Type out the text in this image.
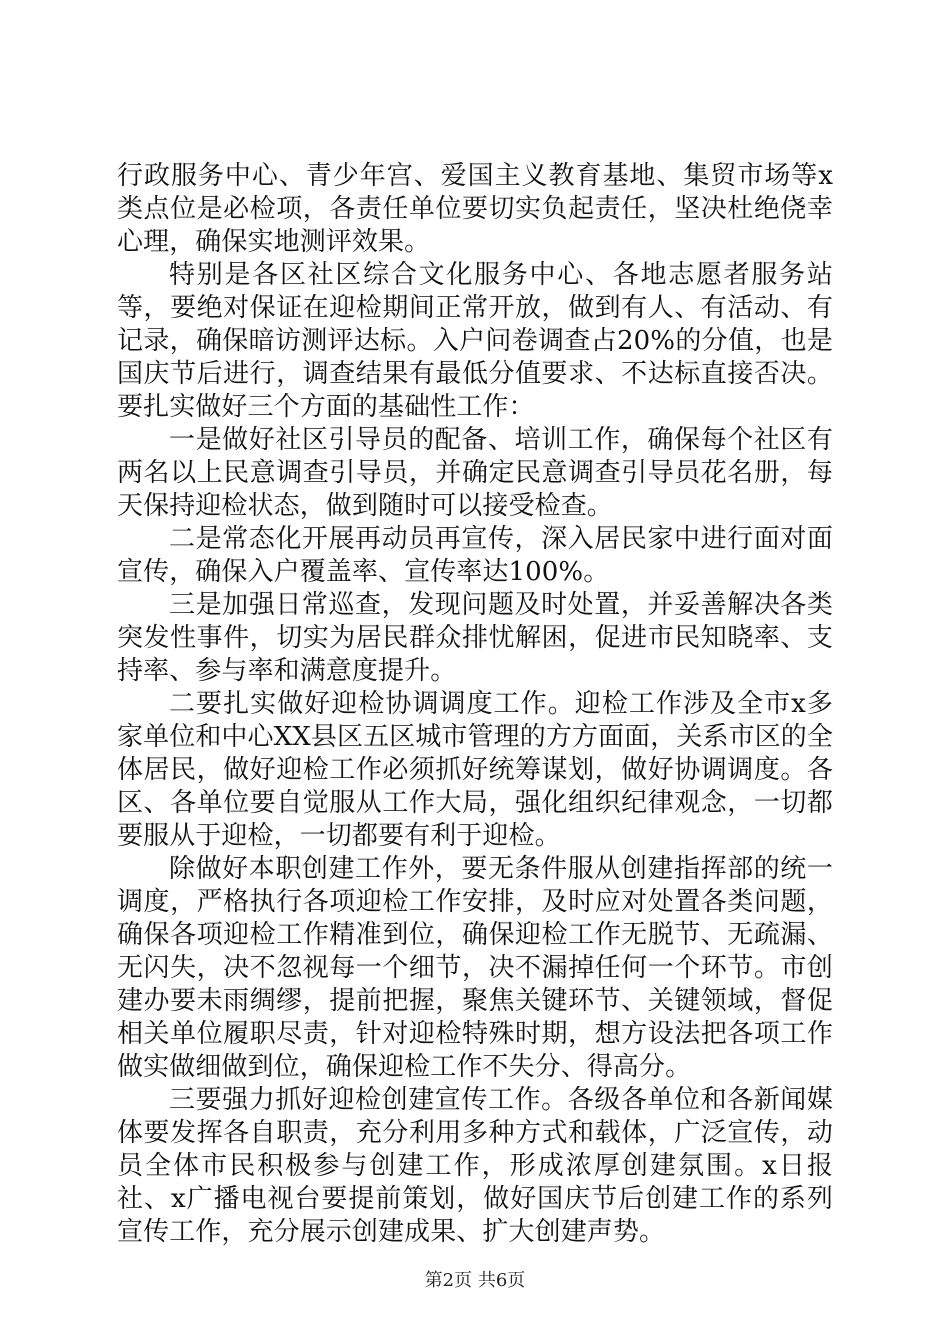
行政服务中心、青少年宫、爱国主义教育基地、集贸市场等x类点位是必检项，各责任单位要切实负起责任，坚决杜绝侥幸心理，确保实地测评效果。

特别是各区社区综合文化服务中心、各地志愿者服务站等，要绝对保证在迎检期间正常开放，做到有人、有活动、有记录，确保暗访测评达标。入户问卷调查占20%的分值，也是国庆节后进行，调查结果有最低分值要求、不达标直接否决。要扎实做好三个方面的基础性工作：

一是做好社区引导员的配备、培训工作，确保每个社区有两名以上民意调查引导员，并确定民意调查引导员花名册，每天保持迎检状态，做到随时可以接受检查。

二是常态化开展再动员再宣传，深入居民家中进行面对面宣传，确保入户覆盖率、宣传率达100%。

三是加强日常巡查，发现问题及时处置，并妥善解决各类突发性事件，切实为居民群众排忧解困，促进市民知晓率、支持率、参与率和满意度提升。

二要扎实做好迎检协调调度工作。迎检工作涉及全市x多家单位和中心XX县区五区城市管理的方方面面，关系市区的全体居民，做好迎检工作必须抓好统筹谋划，做好协调调度。各区、各单位要自觉服从工作大局，强化组织纪律观念，一切都要服从于迎检，一切都要有利于迎检。

除做好本职创建工作外，要无条件服从创建指挥部的统一调度，严格执行各项迎检工作安排，及时应对处置各类问题，确保各项迎检工作精准到位，确保迎检工作无脱节、无疏漏、无闪失，决不忽视每一个细节，决不漏掉任何一个环节。市创建办要未雨绸缪，提前把握，聚焦关键环节、关键领域，督促相关单位履职尽责，针对迎检特殊时期，想方设法把各项工作做实做细做到位，确保迎检工作不失分、得高分。

三要强力抓好迎检创建宣传工作。各级各单位和各新闻媒体要发挥各自职责，充分利用多种方式和载体，广泛宣传，动员全体市民积极参与创建工作，形成浓厚创建氛围。x日报社、x广播电视台要提前策划，做好国庆节后创建工作的系列宣传工作，充分展示创建成果、扩大创建声势。

第2页 共6页
